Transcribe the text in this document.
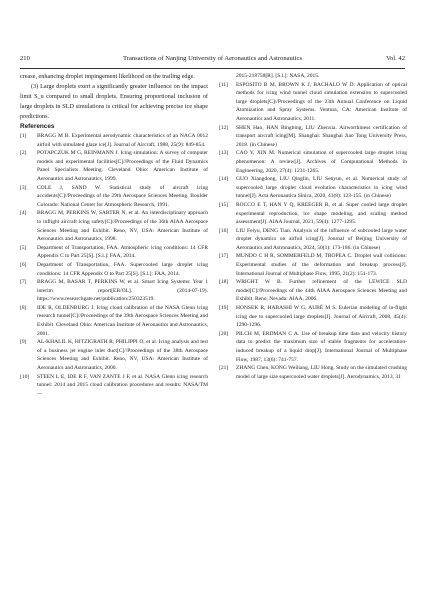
210	Transactions of Nanjing University of Aeronautics and Astronautics	Vol. 42

crease, enhancing droplet impingement likelihood on the trailing edge.

(3) Large droplets exert a significantly greater influence on the impact limit S_u compared to small droplets. Ensuring proportional inclusion of large droplets in SLD simulations is critical for achieving precise ice shape predictions.

References

[1]	BRAGG M B. Experimental aerodynamic characteristics of an NACA 0012 airfoil with simulated glaze ice[J]. Journal of Aircraft, 1988, 25(9): 849-854.
[2]	POTAPCZUK M G, REINMANN J. Icing simulation: A survey of computer models and experimental facilities[C]//Proceedings of the Fluid Dynamics Panel Specialists Meeting. Cleveland Ohio: American Institute of Aeronautics and Astronautics, 1999.
[3]	COLE J, SAND W. Statistical study of aircraft icing accidents[C]//Proceedings of the 29th Aerospace Sciences Meeting. Boulder Colorado: National Center for Atmospheric Research, 1991.
[4]	BRAGG M, PERKINS W, SARTER N, et al. An interdisciplinary approach to inflight aircraft icing safety[C]//Proceedings of the 36th AIAA Aerospace Sciences Meeting and Exhibit. Reno, NV, USA: American Institute of Aeronautics and Astronautics, 1998.
[5]	Department of Transportation, FAA. Atmospheric icing conditions: 14 CFR Appendix C to Part 25[S]. [S.l.]: FAA, 2014.
[6]	Department of Transportation, FAA. Supercooled large droplet icing conditions: 14 CFR Appendix O to Part 25[S]. [S.l.]: FAA, 2014.
[7]	BRAGG M, BASAR T, PERKINS W, et al. Smart Icing Systems: Year 1 interim report[EB/OL]. (2014-07-19). https://www.researchgate.net/publication/250323519.
[8]	IDE R, OLDENBURG J. Icing cloud calibration of the NASA Glenn icing research tunnel[C]//Proceedings of the 39th Aerospace Sciences Meeting and Exhibit. Cleveland Ohio: American Institute of Aeronautics and Astronautics, 2001.
[9]	AL-KHALIL K, HITZIGRATH R, PHILIPPI O, et al. Icing analysis and test of a business jet engine inlet duct[C]//Proceedings of the 38th Aerospace Sciences Meeting and Exhibit. Reno, NV, USA: American Institute of Aeronautics and Astronautics, 2000.
[10]	STEEN L E, IDE R F, VAN ZANTE J F, et al. NASA Glenn icing research tunnel: 2014 and 2015 cloud calibration procedures and results: NASA/TM—
2015-218758[R]. [S.l.]: NASA, 2015.
[11]	ESPOSITO B M, BROWN K J, BACHALO W D. Application of optical methods for icing wind tunnel cloud simulation extension to supercooled large droplets[C]//Proceedings of the 23th Annual Conference on Liquid Atomization and Spray Systems. Ventura, CA: American Institute of Aeronautics and Astronautics, 2011.
[12]	SHEN Hao, HAN Bingbing, LIU Zhenxia. Airworthiness certification of transport aircraft icing[M]. Shanghai: Shanghai Jiao Tong University Press, 2018. (in Chinese)
[13]	CAO Y, XIN M. Numerical simulation of supercooled large droplet icing phenomenon: A review[J]. Archives of Computational Methods in Engineering, 2020, 27(4): 1231-1265.
[14]	GUO Xiangdong, LIU Qinglin, LIU Senyun, et al. Numerical study of supercooled large droplet cloud evolution characteristics in icing wind tunnel[J]. Acta Aeronautica Sinica, 2020, 41(8): 123-155. (in Chinese)
[15]	ROCCO E T, HAN Y Q, KREEGER R, et al. Super cooled large droplet experimental reproduction, ice shape modeling, and scaling method assessment[J]. AIAA Journal, 2021, 59(4): 1277-1295.
[16]	LIU Feiyu, DENG Tian. Analysis of the influence of subcooled large water droplet dynamics on airfoil icing[J]. Journal of Beijing University of Aeronautics and Astronautics, 2024, 50(1): 173-186. (in Chinese)
[17]	MUNDO C H R, SOMMERFELD M, TROPEA C. Droplet wall collisions: Experimental studies of the deformation and breakup process[J]. International Journal of Multiphase Flow, 1995, 21(2): 151-173.
[18]	WRIGHT W B. Further refinement of the LEWICE SLD model[C]//Proceedings of the 44th AIAA Aerospace Sciences Meeting and Exhibit. Reno, Nevada: AIAA, 2006.
[19]	HONSEK R, HABASHI W G, AUBÉ M S. Eulerian modeling of in-flight icing due to supercooled large droplets[J]. Journal of Aircraft, 2008, 45(4): 1290-1296.
[20]	PILCH M, ERDMAN C A. Use of breakup time data and velocity history data to predict the maximum size of stable fragments for acceleration-induced breakup of a liquid drop[J]. International Journal of Multiphase Flow, 1987, 13(6): 741-757.
[21]	ZHANG Chen, KONG Weiliang, LIU Hong. Study on the simulated crushing model of large size supercooled water droplets[J]. Aerodynamics, 2013, 31
